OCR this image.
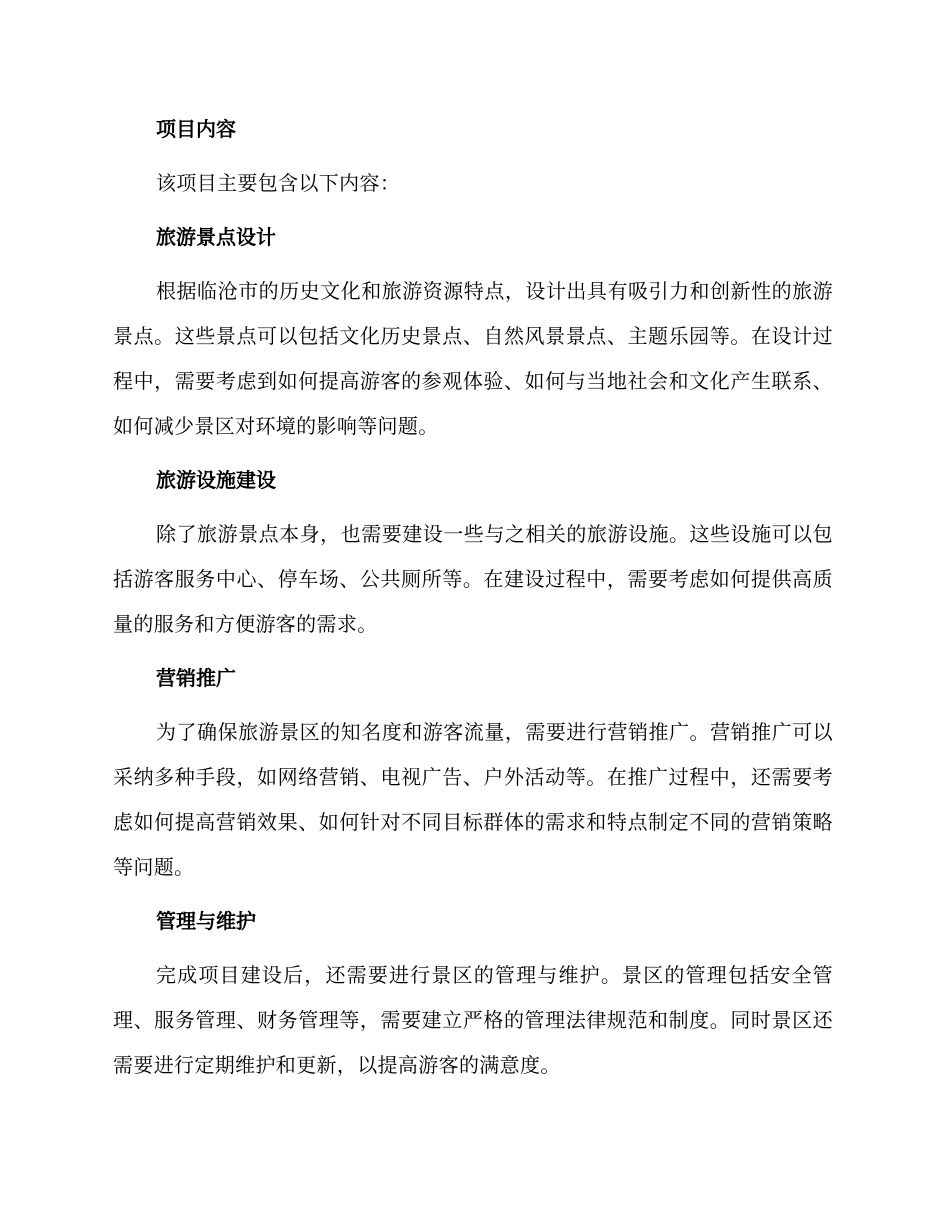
项目内容

该项目主要包含以下内容：

旅游景点设计

根据临沧市的历史文化和旅游资源特点，设计出具有吸引力和创新性的旅游景点。这些景点可以包括文化历史景点、自然风景景点、主题乐园等。在设计过程中，需要考虑到如何提高游客的参观体验、如何与当地社会和文化产生联系、如何减少景区对环境的影响等问题。

旅游设施建设

除了旅游景点本身，也需要建设一些与之相关的旅游设施。这些设施可以包括游客服务中心、停车场、公共厕所等。在建设过程中，需要考虑如何提供高质量的服务和方便游客的需求。

营销推广

为了确保旅游景区的知名度和游客流量，需要进行营销推广。营销推广可以采纳多种手段，如网络营销、电视广告、户外活动等。在推广过程中，还需要考虑如何提高营销效果、如何针对不同目标群体的需求和特点制定不同的营销策略等问题。

管理与维护

完成项目建设后，还需要进行景区的管理与维护。景区的管理包括安全管理、服务管理、财务管理等，需要建立严格的管理法律规范和制度。同时景区还需要进行定期维护和更新，以提高游客的满意度。
